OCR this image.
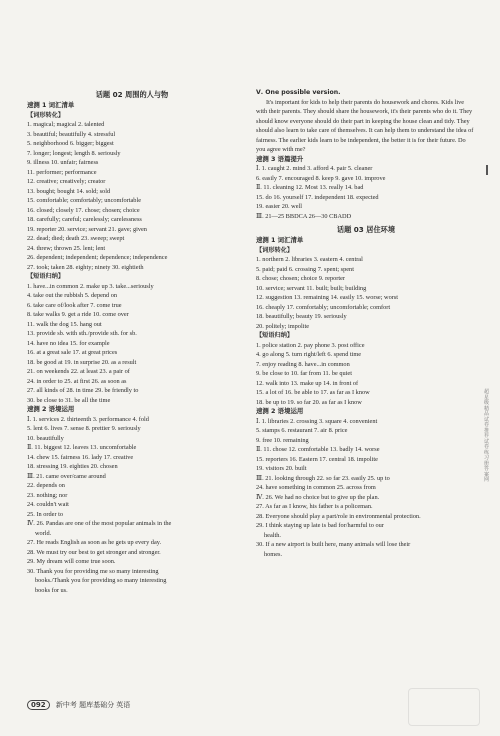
话题 02 周围的人与物
速测 1 词汇清单
【词形转化】
1. magical; magical 2. talented
3. beautiful; beautifully 4. stressful
5. neighborhood 6. bigger; biggest
7. longer; longest; length 8. seriously
9. illness 10. unfair; fairness
11. performer; performance
12. creative; creatively; creator
13. bought; bought 14. sold; sold
15. comfortable; comfortably; uncomfortable
16. closed; closely 17. chose; chosen; choice
18. carefully; careful; carelessly; carelessness
19. reporter 20. service; servant 21. gave; given
22. dead; died; death 23. sweep; swept
24. threw; thrown 25. lent; lent
26. dependent; independent; dependence; independence
27. took; taken 28. eighty; ninety 30. eightieth
【短语归纳】
1. have...in common 2. make up 3. take...seriously
4. take out the rubbish 5. depend on
6. take care of/look after 7. come true
8. take walks 9. get a ride 10. come over
11. walk the dog 15. hang out
13. provide sb. with sth./provide sth. for sb.
14. have no idea 15. for example
16. at a great sale 17. at great prices
18. be good at 19. in surprise 20. as a result
21. on weekends 22. at least 23. a pair of
24. in order to 25. at first 26. as soon as
27. all kinds of 28. in time 29. be friendly to
30. be close to 31. be all the time
速测 2 语境运用
Ⅰ. 1. services 2. thirteenth 3. performance 4. fold
5. lent 6. lives 7. sense 8. prettier 9. seriously
10. beautifully
Ⅱ. 11. biggest 12. leaves 13. uncomfortable
14. chew 15. fairness 16. lady 17. creative
18. stressing 19. eighties 20. chosen
Ⅲ. 21. came over/came around
22. depends on
23. nothing; nor
24. couldn't wait
25. In order to
Ⅳ. 26. Pandas are one of the most popular animals in the
world.
27. He reads English as soon as he gets up every day.
28. We must try our best to get stronger and stronger.
29. My dream will come true soon.
30. Thank you for providing me so many interesting
books./Thank you for providing so many interesting
books for us.
Ⅴ. One possible version.
It's important for kids to help their parents do housework and chores. Kids live with their parents. They should share the housework, it's their parents who do it. They should know everyone should do their part in keeping the house clean and tidy. They should also learn to take care of themselves. It can help them to understand the idea of fairness. The earlier kids learn to be independent, the better it is for their future. Do you agree with me?
速测 3 语篇提升
Ⅰ. 1. caught 2. mind 3. afford 4. pair 5. cleaner
6. easily 7. encouraged 8. keep 9. gave 10. improve
Ⅱ. 11. cleaning 12. Most 13. really 14. bad
15. do 16. yourself 17. independent 18. expected
19. easier 20. well
Ⅲ. 21—25 BBDCA 26—30 CBADD
话题 03 居住环境
速测 1 词汇清单
【词形转化】
1. northern 2. libraries 3. eastern 4. central
5. paid; paid 6. crossing 7. spent; spent
8. chose; chosen; choice 9. reporter
10. service; servant 11. built; built; building
12. suggestion 13. remaining 14. easily 15. worse; worst
16. cheaply 17. comfortably; uncomfortable; comfort
18. beautifully; beauty 19. seriously
20. politely; impolite
【短语归纳】
1. police station 2. pay phone 3. post office
4. go along 5. turn right/left 6. spend time
7. enjoy reading 8. have...in common
9. be close to 10. far from 11. be quiet
12. walk into 13. make up 14. in front of
15. a lot of 16. be able to 17. as far as I know
18. be up to 19. so far 20. as far as I know
速测 2 语境运用
Ⅰ. 1. libraries 2. crossing 3. square 4. convenient
5. stamps 6. restaurant 7. air 8. price
9. free 10. remaining
Ⅱ. 11. chose 12. comfortable 13. badly 14. worse
15. reporters 16. Eastern 17. central 18. impolite
19. visitors 20. built
Ⅲ. 21. looking through 22. so far 23. easily 25. up to
24. have something in common 25. across from
Ⅳ. 26. We had no choice but to give up the plan.
27. As far as I know, his father is a policeman.
28. Everyone should play a part/role in environmental protection.
29. I think staying up late is bad for/harmful to our
health.
30. If a new airport is built here, many animals will lose their
homes.
超星级精品试卷推荐试卷练习册答案网
092 新中考 题库基础分 英语
